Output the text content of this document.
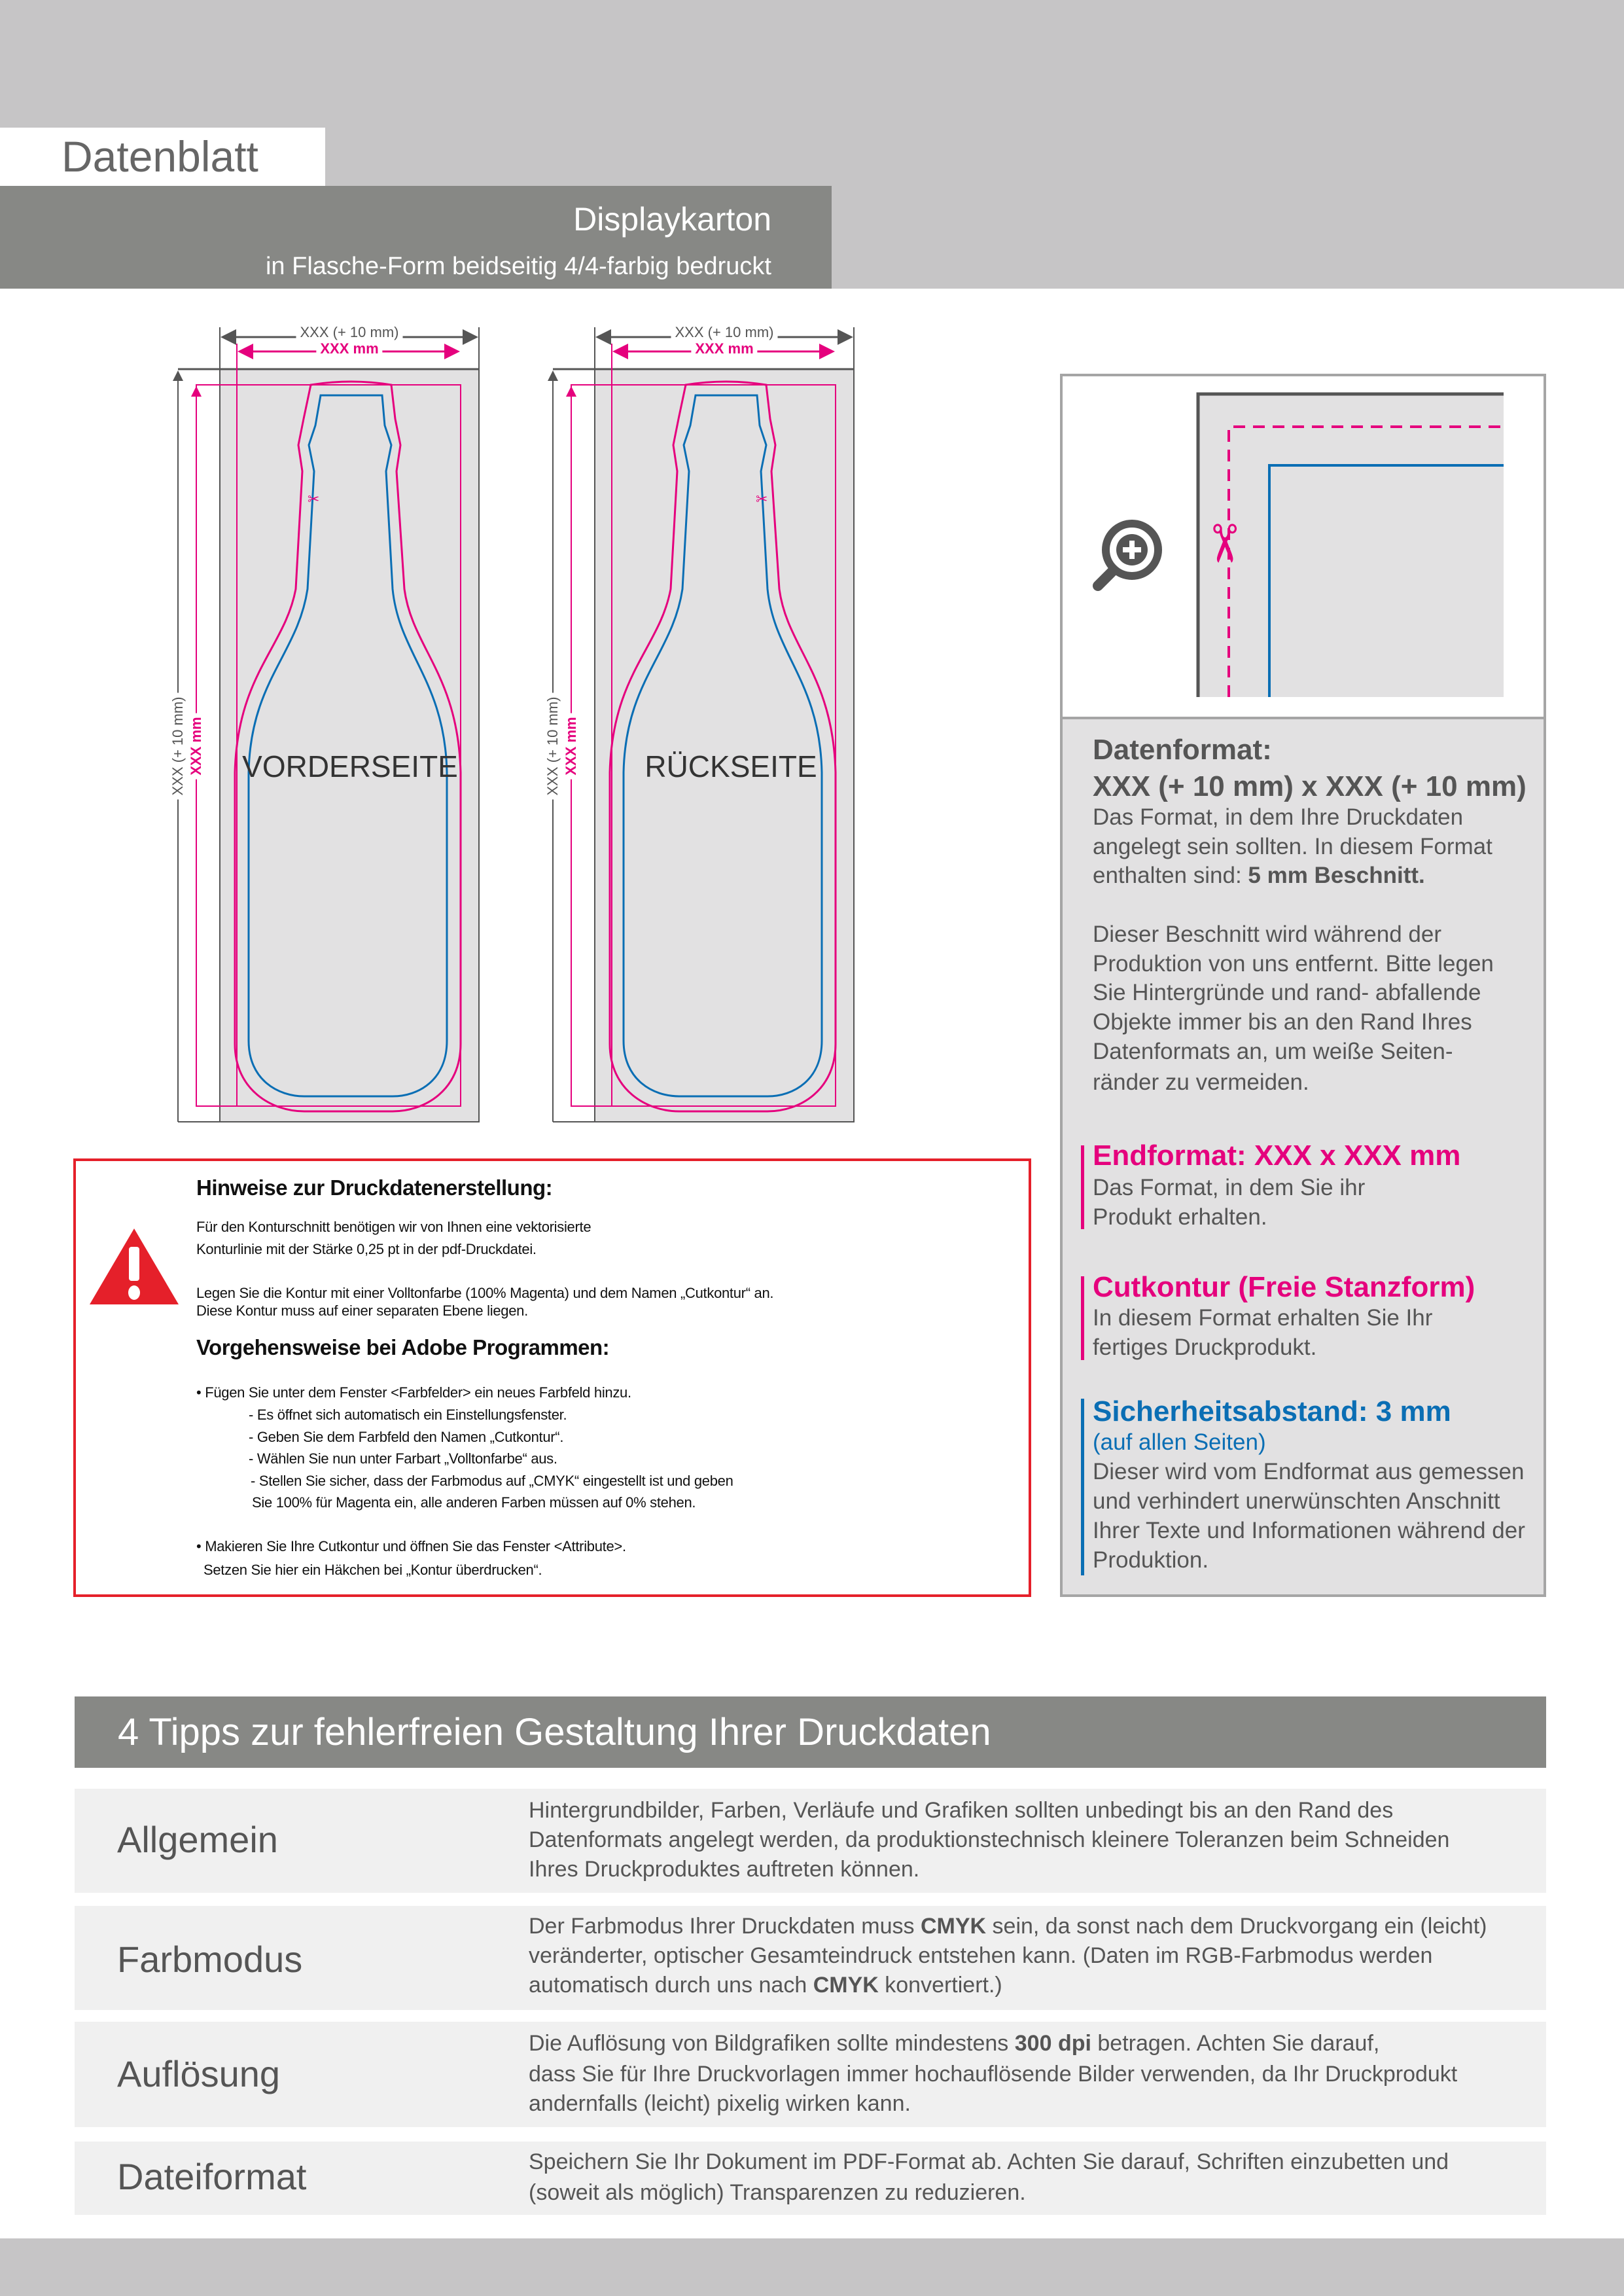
Datenblatt
Displaykarton
in Flasche-Form beidseitig 4/4-farbig bedruckt
✂	✂
XXX (+ 10 mm)
XXX mm
XXX (+ 10 mm)
XXX mm
XXX (+ 10 mm) XXX mm	XXX (+ 10 mm) XXX mm
VORDERSEITE	RÜCKSEITE
✂
Datenformat:
XXX (+ 10 mm) x XXX (+ 10 mm)
Das Format, in dem Ihre Druckdaten
angelegt sein sollten. In diesem Format
enthalten sind: 5 mm Beschnitt.
Dieser Beschnitt wird während der
Produktion von uns entfernt. Bitte legen
Sie Hintergründe und rand- abfallende
Objekte immer bis an den Rand Ihres
Datenformats an, um weiße Seiten-
ränder zu vermeiden.
Endformat: XXX x XXX mm
Das Format, in dem Sie ihr
Produkt erhalten.
Cutkontur (Freie Stanzform)
In diesem Format erhalten Sie Ihr
fertiges Druckprodukt.
Sicherheitsabstand: 3 mm
(auf allen Seiten)
Dieser wird vom Endformat aus gemessen
und verhindert unerwünschten Anschnitt
Ihrer Texte und Informationen während der
Produktion.
Hinweise zur Druckdatenerstellung:
Für den Konturschnitt benötigen wir von Ihnen eine vektorisierte
Konturlinie mit der Stärke 0,25 pt in der pdf-Druckdatei.
Legen Sie die Kontur mit einer Volltonfarbe (100% Magenta) und dem Namen „Cutkontur“ an.
Diese Kontur muss auf einer separaten Ebene liegen.
Vorgehensweise bei Adobe Programmen:
• Fügen Sie unter dem Fenster <Farbfelder> ein neues Farbfeld hinzu.
- Es öffnet sich automatisch ein Einstellungsfenster.
- Geben Sie dem Farbfeld den Namen „Cutkontur“.
- Wählen Sie nun unter Farbart „Volltonfarbe“ aus.
- Stellen Sie sicher, dass der Farbmodus auf „CMYK“ eingestellt ist und geben
Sie 100% für Magenta ein, alle anderen Farben müssen auf 0% stehen.
• Makieren Sie Ihre Cutkontur und öffnen Sie das Fenster <Attribute>.
Setzen Sie hier ein Häkchen bei „Kontur überdrucken“.
4 Tipps zur fehlerfreien Gestaltung Ihrer Druckdaten
Allgemein
Hintergrundbilder, Farben, Verläufe und Grafiken sollten unbedingt bis an den Rand des
Datenformats angelegt werden, da produktionstechnisch kleinere Toleranzen beim Schneiden
Ihres Druckproduktes auftreten können.
Farbmodus
Der Farbmodus Ihrer Druckdaten muss CMYK sein, da sonst nach dem Druckvorgang ein (leicht)
veränderter, optischer Gesamteindruck entstehen kann. (Daten im RGB-Farbmodus werden
automatisch durch uns nach CMYK konvertiert.)
Auflösung
Die Auflösung von Bildgrafiken sollte mindestens 300 dpi betragen. Achten Sie darauf,
dass Sie für Ihre Druckvorlagen immer hochauflösende Bilder verwenden, da Ihr Druckprodukt
andernfalls (leicht) pixelig wirken kann.
Dateiformat	Speichern Sie Ihr Dokument im PDF-Format ab. Achten Sie darauf, Schriften einzubetten und
(soweit als möglich) Transparenzen zu reduzieren.
